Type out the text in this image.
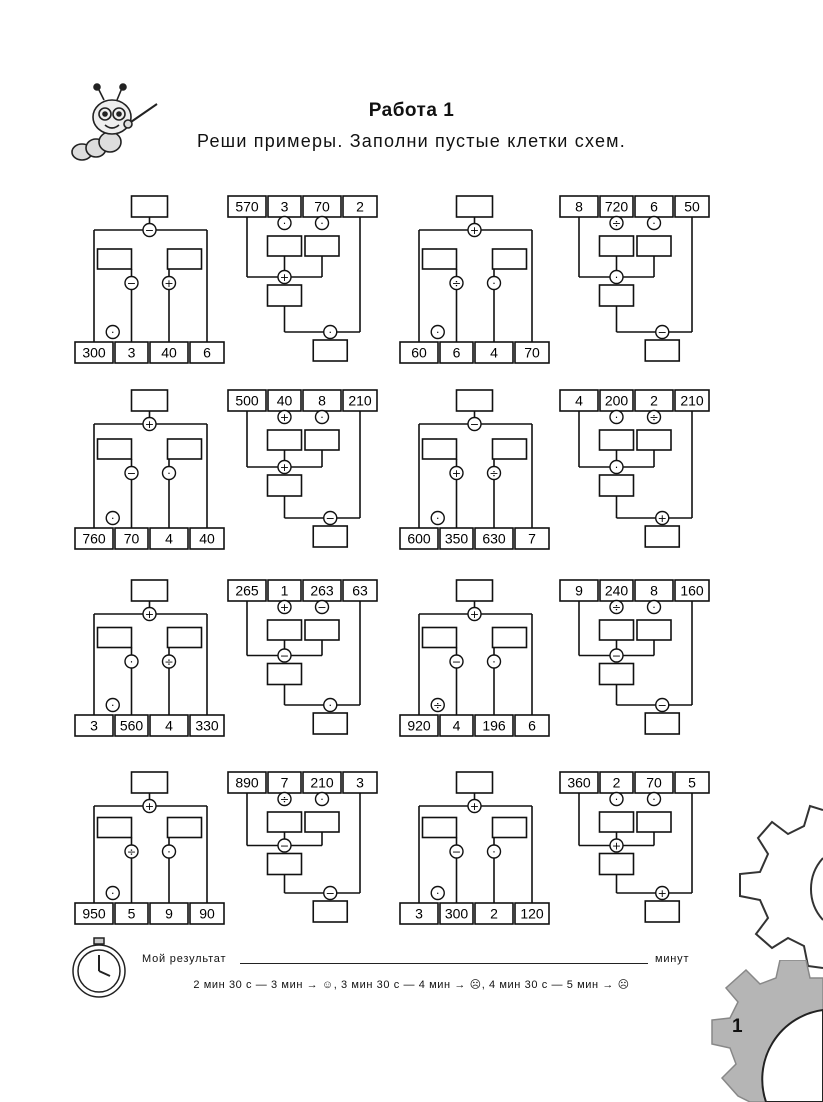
Работа 1
Реши примеры. Заполни пустые клетки схем.
−
−	+
·
300 3 40 6
570 3 70 2
·	·
+
·
+
÷	·
·
60 6 4 70
8 720 6 50
÷	·
·
−
+
−	·
·
760 70 4 40
500 40 8 210
+	·
+
−
−
+	÷
·
600 350 630 7
4 200 2 210
·	÷
·
+
+
·	÷
·
3 560 4 330
265 1 263 63
+	−
−
·
+
−	·
÷
920 4 196 6
9 240 8 160
÷	·
−
−
+
÷	·
·
950 5 9 90
890 7 210 3
÷	·
−
−
+
−	·
·
3 300 2 120
360 2 70 5
·	·
+
+
Мой результат	минут
2 мин 30 с — 3 мин → ☺, 3 мин 30 с — 4 мин → ☹, 4 мин 30 с — 5 мин → ☹
1
